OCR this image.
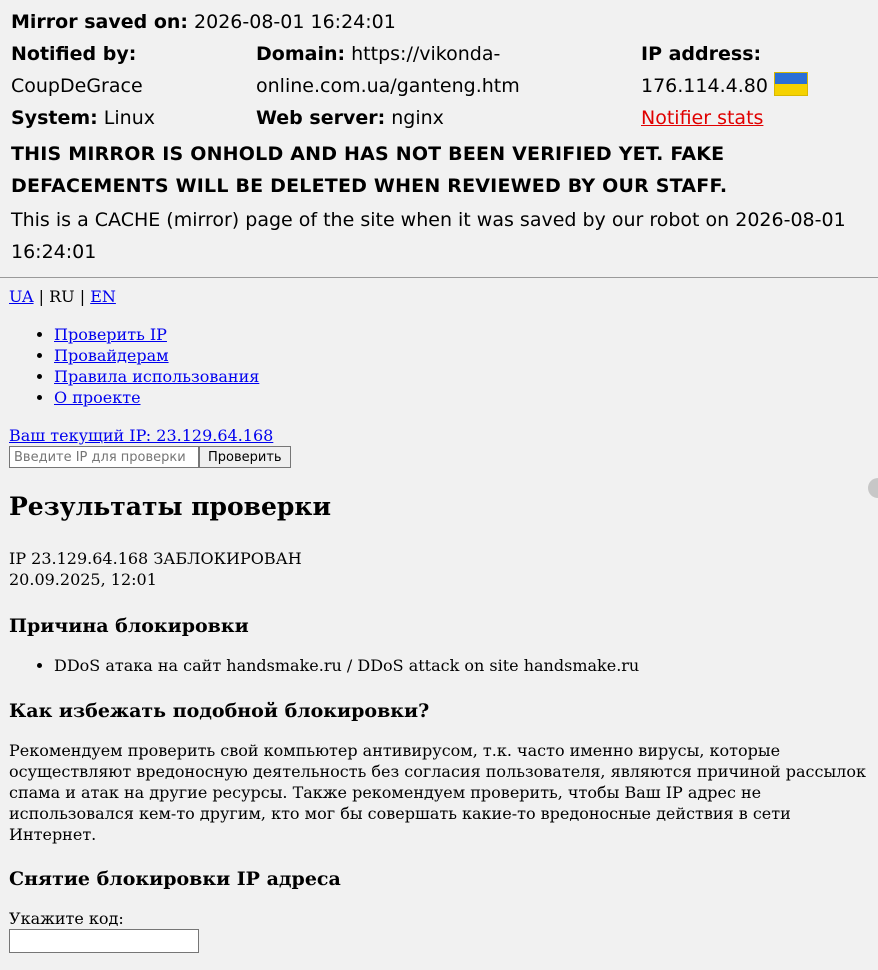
Mirror saved on: 2026-08-01 16:24:01
Notified by:
CoupDeGrace
Domain: https://vikonda-online.com.ua/ganteng.htm
IP address:
176.114.4.80
System: Linux	Web server: nginx	Notifier stats
THIS MIRROR IS ONHOLD AND HAS NOT BEEN VERIFIED YET. FAKE DEFACEMENTS WILL BE DELETED WHEN REVIEWED BY OUR STAFF.
This is a CACHE (mirror) page of the site when it was saved by our robot on 2026-08-01 16:24:01
UA | RU | EN
• Проверить IP
• Провайдерам
• Правила использования
• О проекте
Ваш текущий IP: 23.129.64.168
Введите IP для проверкиПроверить
Результаты проверки
IP 23.129.64.168 ЗАБЛОКИРОВАН
20.09.2025, 12:01
Причина блокировки
• DDoS атака на сайт handsmake.ru / DDoS attack on site handsmake.ru
Как избежать подобной блокировки?

Рекомендуем проверить свой компьютер антивирусом, т.к. часто именно вирусы, которые осуществляют вредоносную деятельность без согласия пользователя, являются причиной рассылок спама и атак на другие ресурсы. Также рекомендуем проверить, чтобы Ваш IP адрес не использовался кем-то другим, кто мог бы совершать какие-то вредоносные действия в сети Интернет.

Снятие блокировки IP адреса
Укажите код:
